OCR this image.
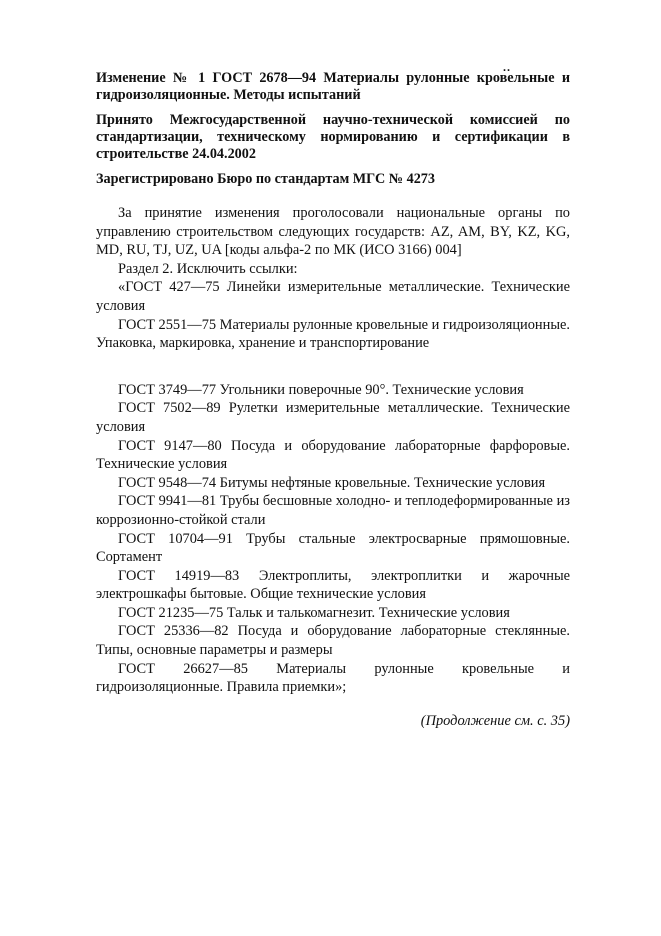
..

Изменение № 1 ГОСТ 2678—94 Материалы рулонные кровельные и гидроизоляционные. Методы испытаний

Принято Межгосударственной научно-технической комиссией по стандартизации, техническому нормированию и сертификации в строительстве 24.04.2002

Зарегистрировано Бюро по стандартам МГС № 4273

За принятие изменения проголосовали национальные органы по управлению строительством следующих государств: AZ, AM, BY, KZ, KG, MD, RU, TJ, UZ, UA [коды альфа-2 по МК (ИСО 3166) 004]

Раздел 2. Исключить ссылки:

«ГОСТ 427—75 Линейки измерительные металлические. Технические условия

ГОСТ 2551—75 Материалы рулонные кровельные и гидроизоляционные. Упаковка, маркировка, хранение и транспортирование

ГОСТ 3749—77 Угольники поверочные 90°. Технические условия

ГОСТ 7502—89 Рулетки измерительные металлические. Технические условия

ГОСТ 9147—80 Посуда и оборудование лабораторные фарфоровые. Технические условия

ГОСТ 9548—74 Битумы нефтяные кровельные. Технические условия

ГОСТ 9941—81 Трубы бесшовные холодно- и теплодеформированные из коррозионно-стойкой стали

ГОСТ 10704—91 Трубы стальные электросварные прямошовные. Сортамент

ГОСТ 14919—83 Электроплиты, электроплитки и жарочные электрошкафы бытовые. Общие технические условия

ГОСТ 21235—75 Тальк и талькомагнезит. Технические условия

ГОСТ 25336—82 Посуда и оборудование лабораторные стеклянные. Типы, основные параметры и размеры

ГОСТ 26627—85 Материалы рулонные кровельные и гидроизоляционные. Правила приемки»;

(Продолжение см. с. 35)
